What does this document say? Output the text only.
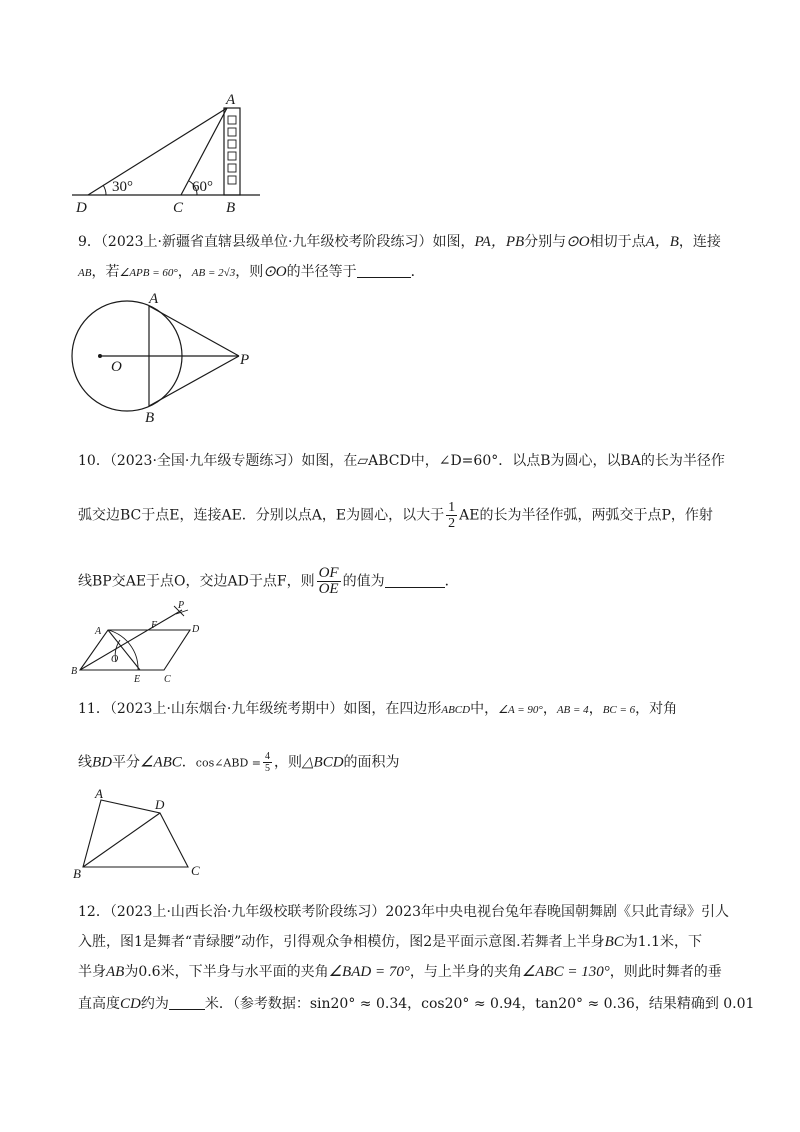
A
D	C	B
30°	60°
9．（2023上·新疆省直辖县级单位·九年级校考阶段练习）如图，PA，PB分别与⊙O相切于点A，B，连接
AB，若∠APB = 60°，AB = 2√3，则⊙O的半径等于	．
A
B
O	P
10．（2023·全国·九年级专题练习）如图，在▱ABCD中，∠D=60°．以点B为圆心，以BA的长为半径作
弧交边BC于点E，连接AE．分别以点A，E为圆心，以大于 $\frac{1}{2}$ AE的长为半径作弧，两弧交于点P，作射
线BP交AE于点O，交边AD于点F，则 $\frac{OF}{OE}$ 的值为	．
A
B
C
D
E
F
O
P
11．（2023上·山东烟台·九年级统考期中）如图，在四边形ABCD中，∠A = 90°，AB = 4，BC = 6，对角
线BD平分∠ABC．cos∠ABD = $\frac{4}{5}$ ，则△BCD的面积为
A
B	C
D
12．（2023上·山西长治·九年级校联考阶段练习）2023年中央电视台兔年春晚国朝舞剧《只此青绿》引人
入胜，图1是舞者“青绿腰”动作，引得观众争相模仿，图2是平面示意图.若舞者上半身BC为1.1米，下
半身AB为0.6米，下半身与水平面的夹角∠BAD = 70°，与上半身的夹角∠ABC = 130°，则此时舞者的垂
直高度CD约为	米．（参考数据：sin20° ≈ 0.34，cos20° ≈ 0.94，tan20° ≈ 0.36，结果精确到 0.01
